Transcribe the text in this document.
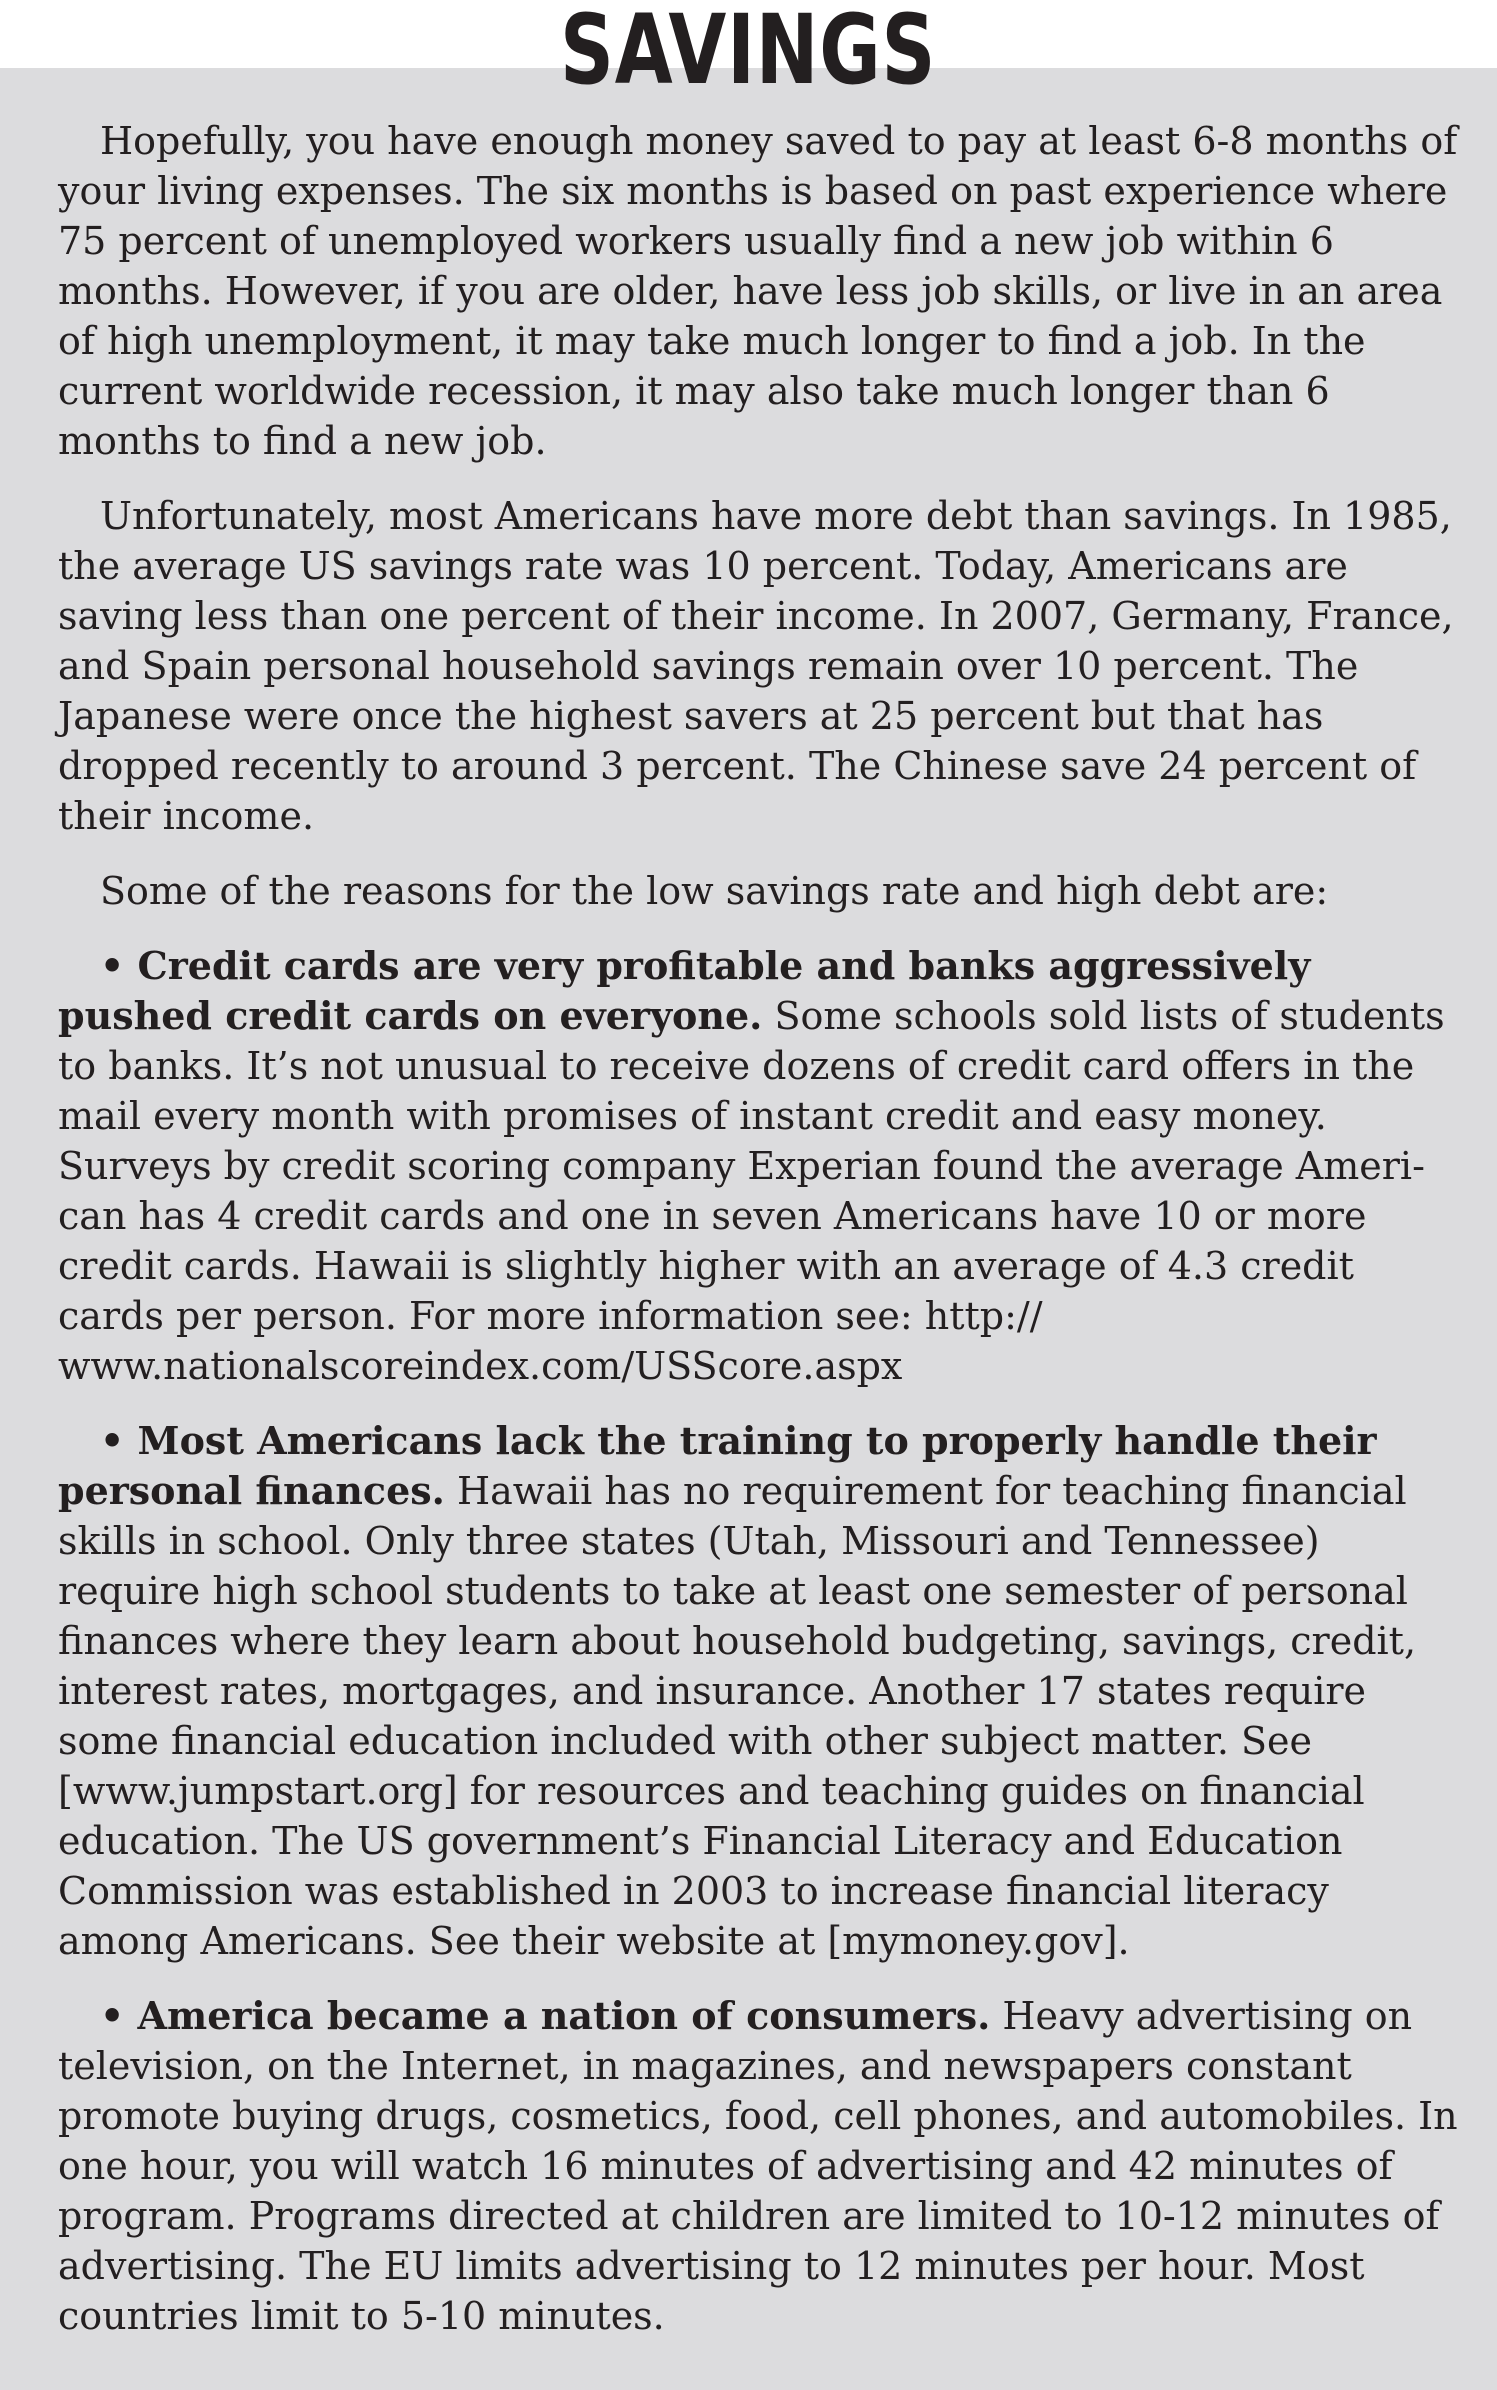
SAVINGS

Hopefully, you have enough money saved to pay at least 6-8 months of your living expenses. The six months is based on past experience where 75 percent of unemployed workers usually find a new job within 6 months. However, if you are older, have less job skills, or live in an area of high unemployment, it may take much longer to find a job. In the current worldwide recession, it may also take much longer than 6 months to find a new job.

Unfortunately, most Americans have more debt than savings. In 1985, the average US savings rate was 10 percent. Today, Americans are saving less than one percent of their income. In 2007, Germany, France, and Spain personal household savings remain over 10 percent. The Japanese were once the highest savers at 25 percent but that has dropped recently to around 3 percent. The Chinese save 24 percent of their income.

Some of the reasons for the low savings rate and high debt are:

• Credit cards are very profitable and banks aggressively pushed credit cards on everyone. Some schools sold lists of students to banks. It’s not unusual to receive dozens of credit card offers in the mail every month with promises of instant credit and easy money. Surveys by credit scoring company Experian found the average Ameri-can has 4 credit cards and one in seven Americans have 10 or more credit cards. Hawaii is slightly higher with an average of 4.3 credit cards per person. For more information see: http:// www.nationalscoreindex.com/USScore.aspx

• Most Americans lack the training to properly handle their personal finances. Hawaii has no requirement for teaching financial skills in school. Only three states (Utah, Missouri and Tennessee) require high school students to take at least one semester of personal finances where they learn about household budgeting, savings, credit, interest rates, mortgages, and insurance. Another 17 states require some financial education included with other subject matter. See [www.jumpstart.org] for resources and teaching guides on financial education. The US government’s Financial Literacy and Education Commission was established in 2003 to increase financial literacy among Americans. See their website at [mymoney.gov].

• America became a nation of consumers. Heavy advertising on television, on the Internet, in magazines, and newspapers constant promote buying drugs, cosmetics, food, cell phones, and automobiles. In one hour, you will watch 16 minutes of advertising and 42 minutes of program. Programs directed at children are limited to 10-12 minutes of advertising. The EU limits advertising to 12 minutes per hour. Most countries limit to 5-10 minutes.
